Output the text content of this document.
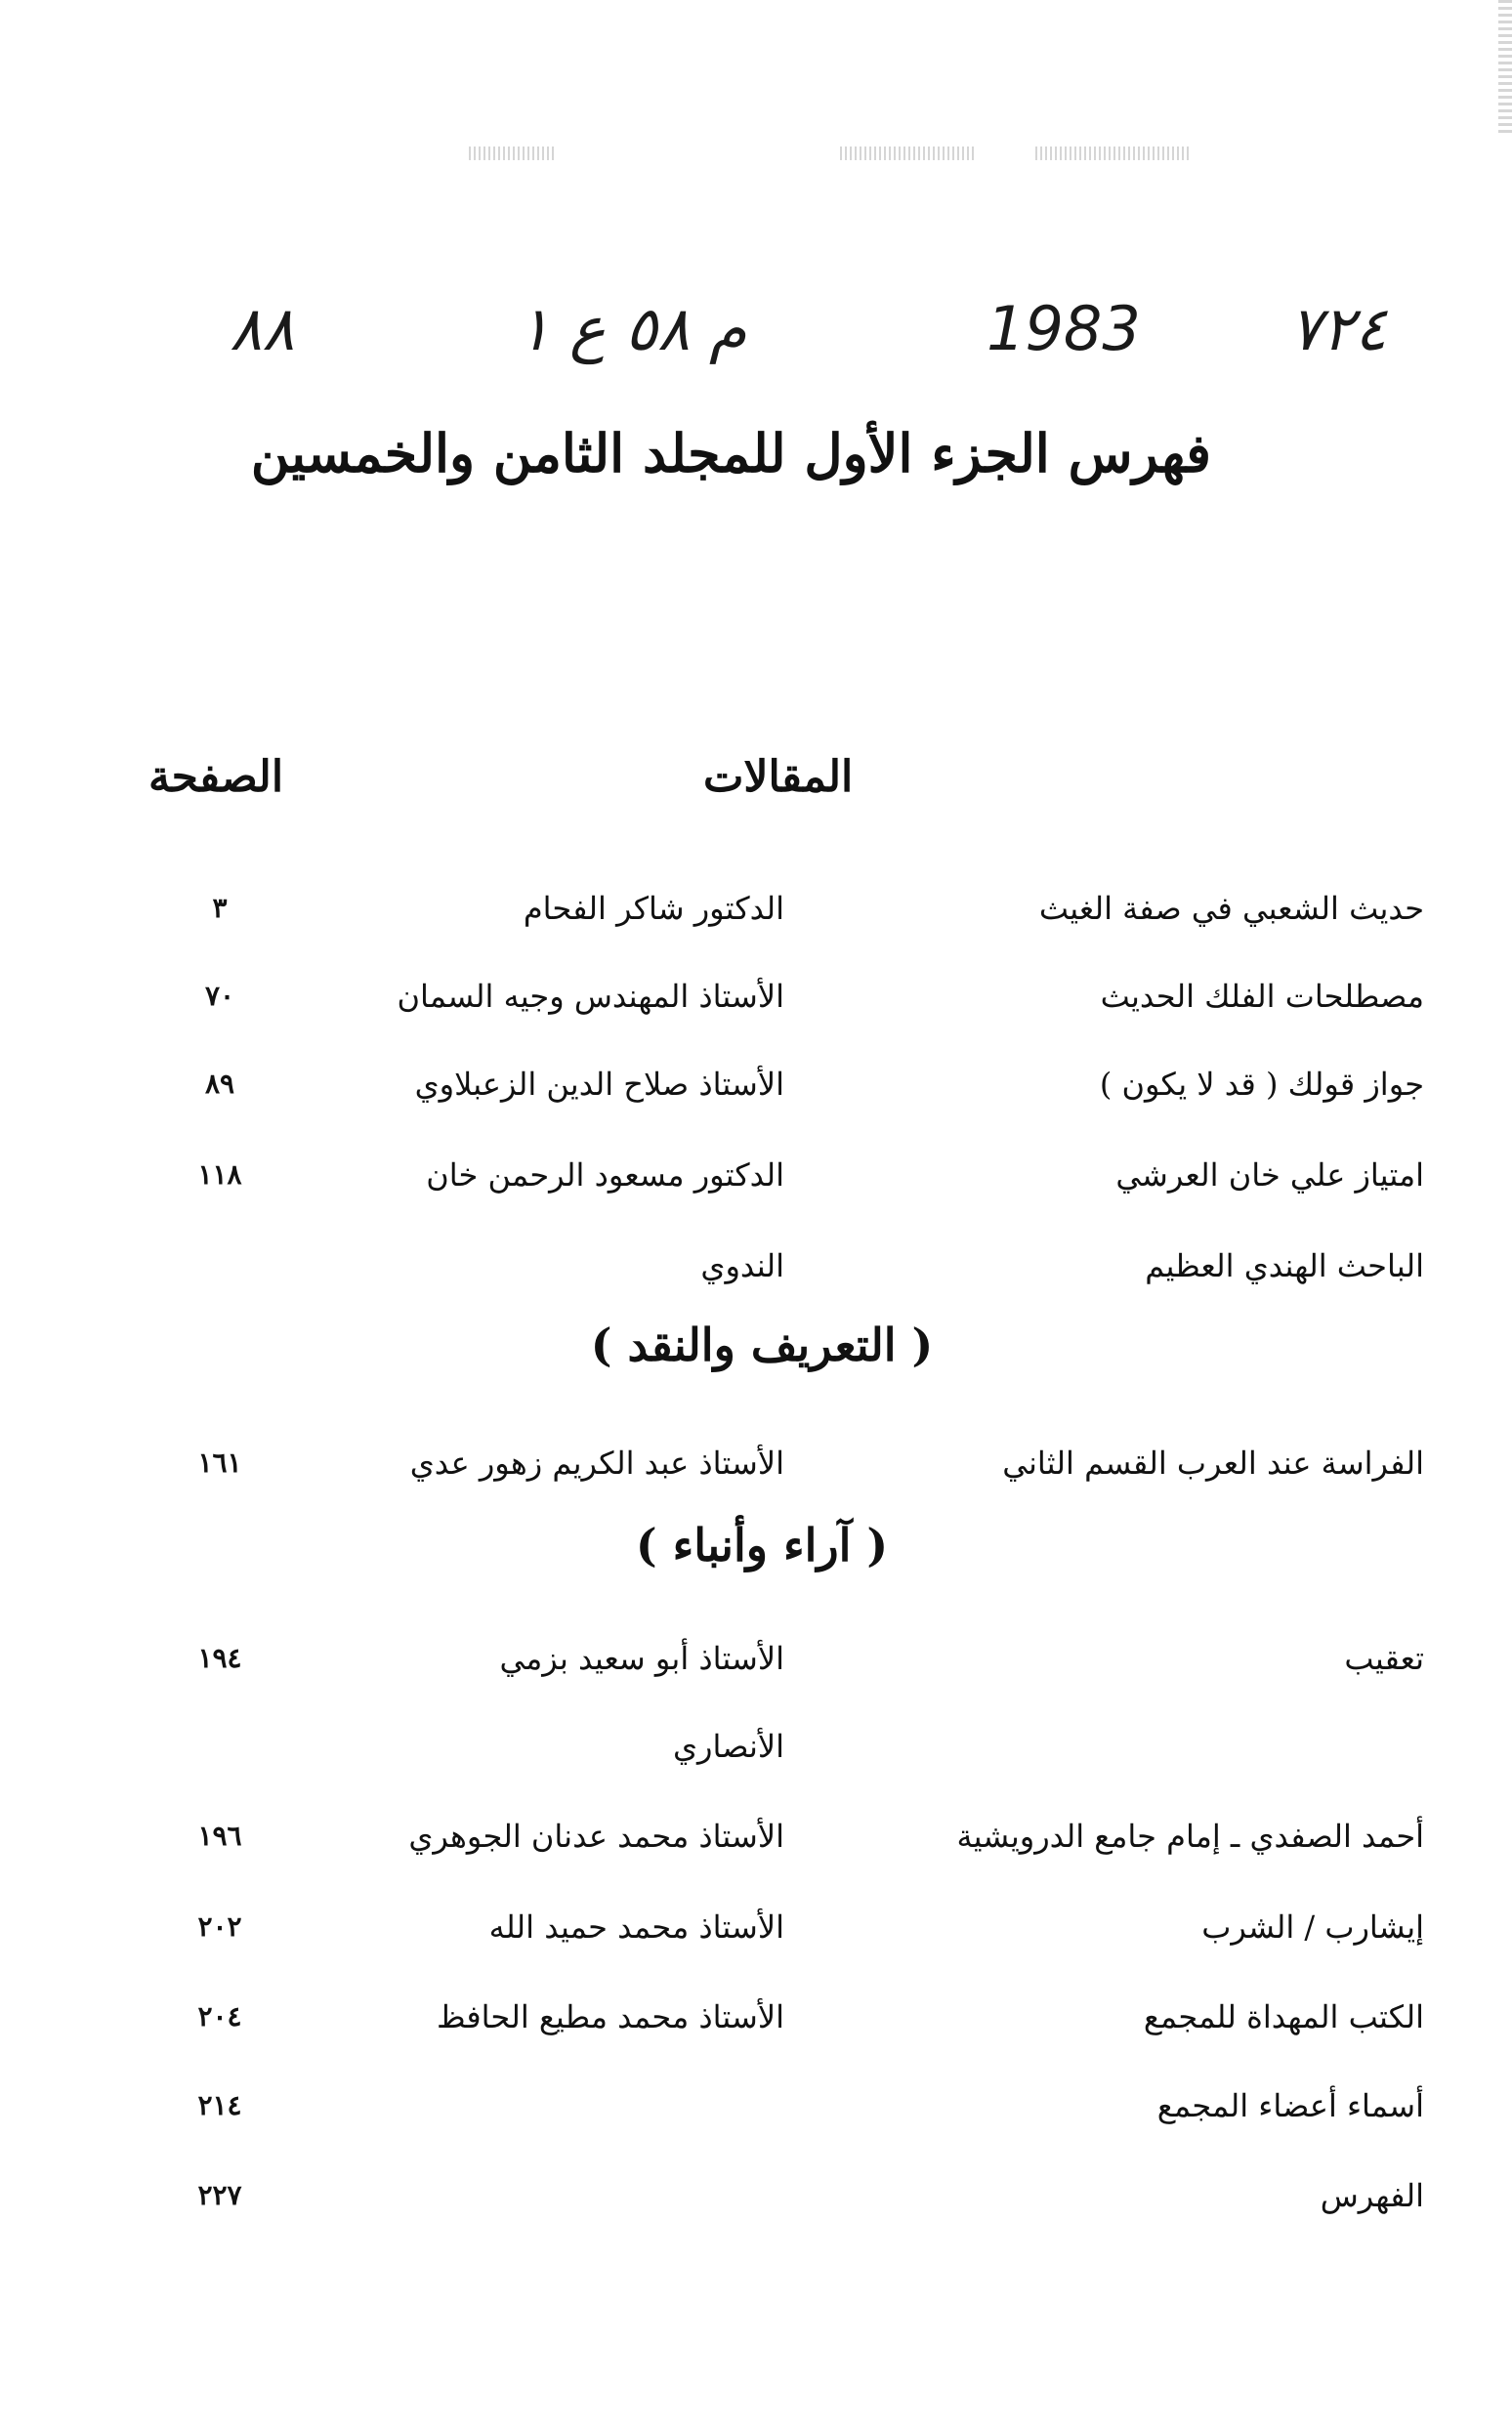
٧٢٤
1983
م ٥٨ ع ١
٨٨
فهرس الجزء الأول للمجلد الثامن والخمسين
المقالات
الصفحة
حديث الشعبي في صفة الغيث
الدكتور شاكر الفحام
٣
مصطلحات الفلك الحديث
الأستاذ المهندس وجيه السمان
٧٠
جواز قولك ( قد لا يكون )
الأستاذ صلاح الدين الزعبلاوي
٨٩
امتياز علي خان العرشي
الدكتور مسعود الرحمن خان
١١٨
الباحث الهندي العظيم
الندوي
( التعريف والنقد )
الفراسة عند العرب القسم الثاني
الأستاذ عبد الكريم زهور عدي
١٦١
( آراء وأنباء )
تعقيب
الأستاذ أبو سعيد بزمي
١٩٤
الأنصاري
أحمد الصفدي ـ إمام جامع الدرويشية
الأستاذ محمد عدنان الجوهري
١٩٦
إيشارب / الشرب
الأستاذ محمد حميد الله
٢٠٢
الكتب المهداة للمجمع
الأستاذ محمد مطيع الحافظ
٢٠٤
أسماء أعضاء المجمع
٢١٤
الفهرس
٢٢٧
